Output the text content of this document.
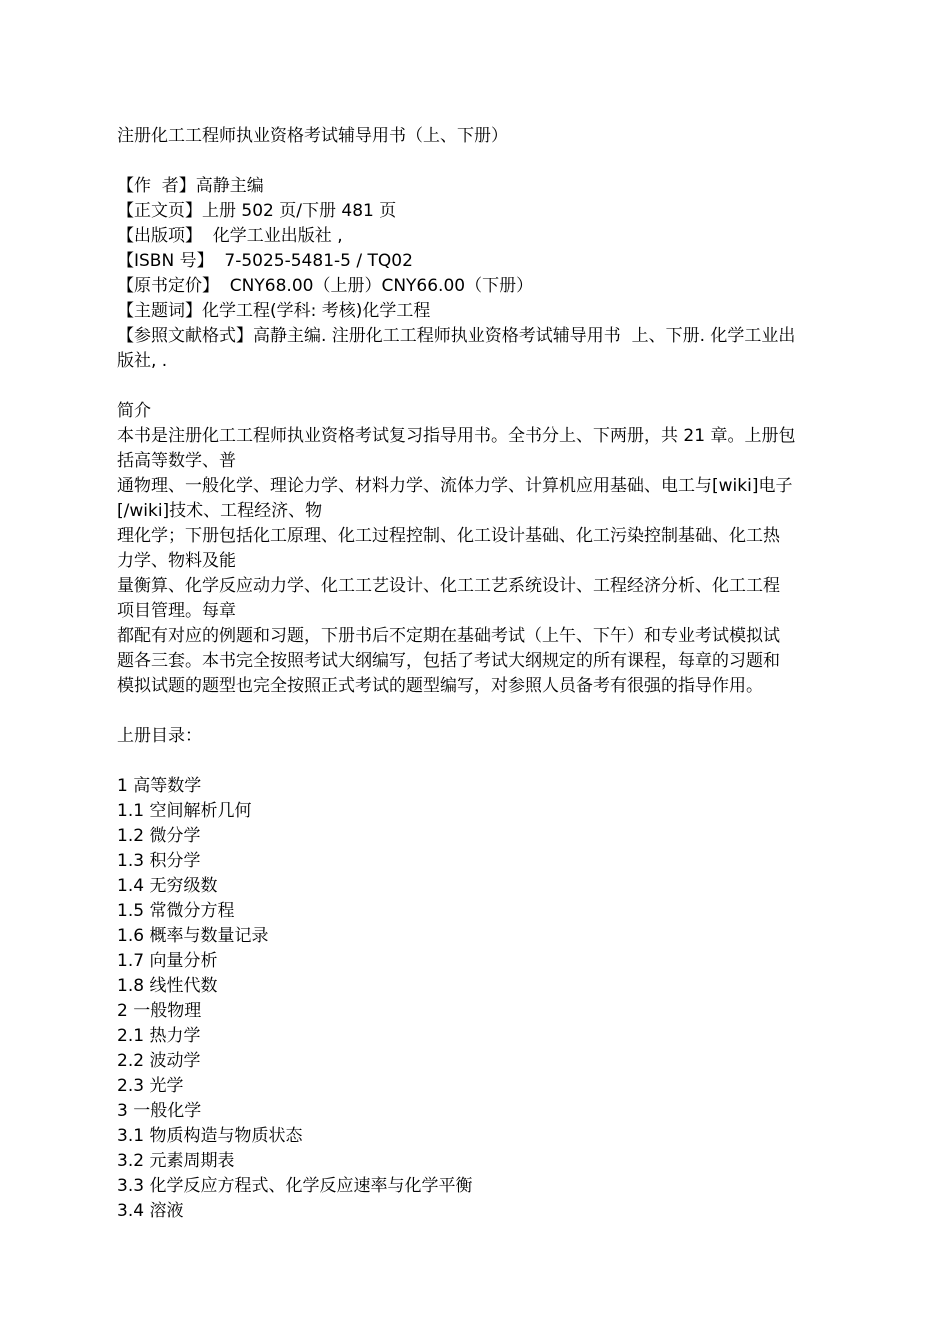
注册化工工程师执业资格考试辅导用书（上、下册）
【作  者】高静主编
【正文页】上册 502 页/下册 481 页
【出版项】  化学工业出版社 ,
【ISBN 号】  7-5025-5481-5 / TQ02
【原书定价】  CNY68.00（上册）CNY66.00（下册）
【主题词】化学工程(学科: 考核)化学工程
【参照文献格式】高静主编. 注册化工工程师执业资格考试辅导用书  上、下册. 化学工业出
版社, .
简介
本书是注册化工工程师执业资格考试复习指导用书。全书分上、下两册，共 21 章。上册包
括高等数学、普
通物理、一般化学、理论力学、材料力学、流体力学、计算机应用基础、电工与[wiki]电子
[/wiki]技术、工程经济、物
理化学；下册包括化工原理、化工过程控制、化工设计基础、化工污染控制基础、化工热
力学、物料及能
量衡算、化学反应动力学、化工工艺设计、化工工艺系统设计、工程经济分析、化工工程
项目管理。每章
都配有对应的例题和习题，下册书后不定期在基础考试（上午、下午）和专业考试模拟试
题各三套。本书完全按照考试大纲编写，包括了考试大纲规定的所有课程，每章的习题和
模拟试题的题型也完全按照正式考试的题型编写，对参照人员备考有很强的指导作用。
上册目录：
1 高等数学
1.1 空间解析几何
1.2 微分学
1.3 积分学
1.4 无穷级数
1.5 常微分方程
1.6 概率与数量记录
1.7 向量分析
1.8 线性代数
2 一般物理
2.1 热力学
2.2 波动学
2.3 光学
3 一般化学
3.1 物质构造与物质状态
3.2 元素周期表
3.3 化学反应方程式、化学反应速率与化学平衡
3.4 溶液
